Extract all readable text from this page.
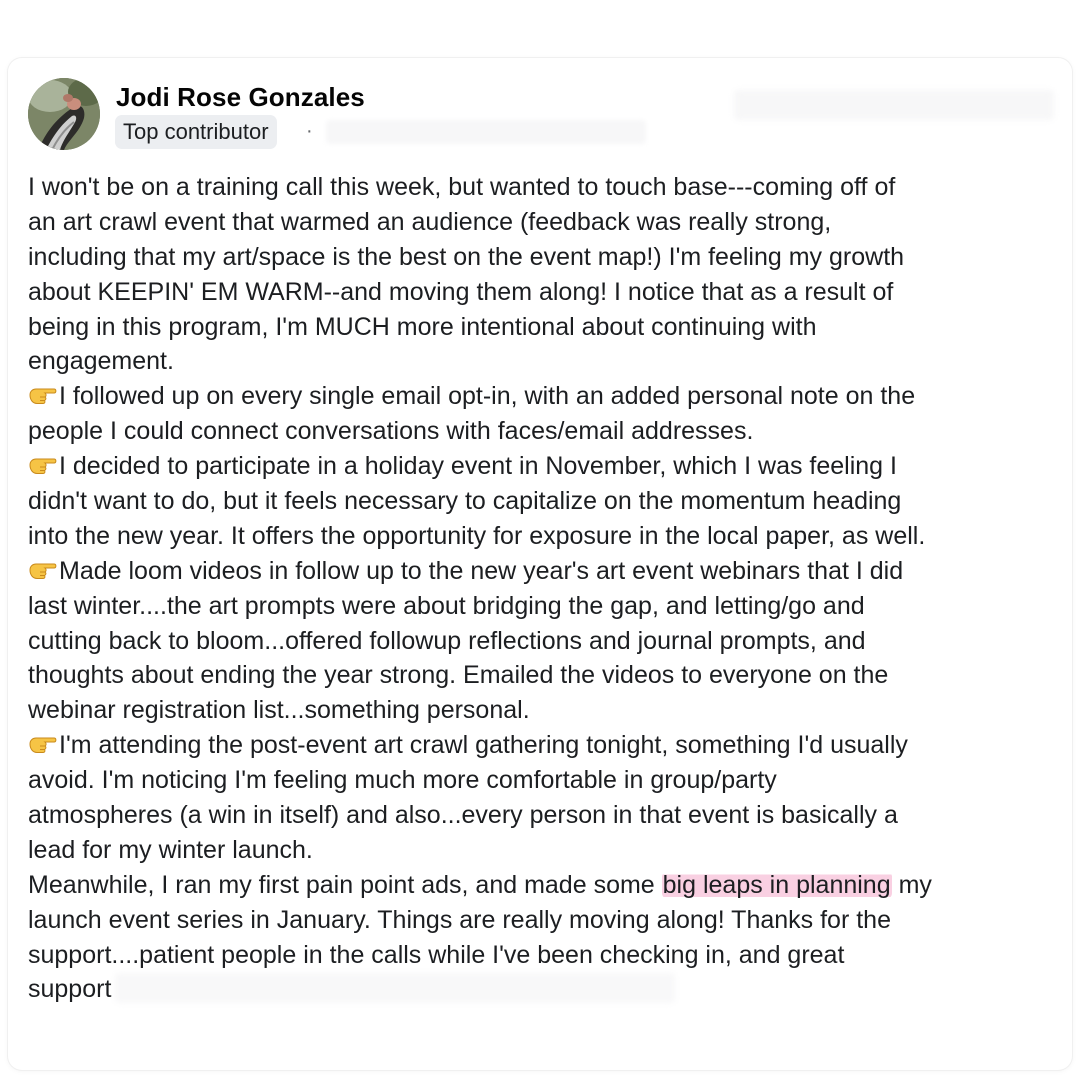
Jodi Rose Gonzales
Top contributor	·
I won't be on a training call this week, but wanted to touch base---coming off of
an art crawl event that warmed an audience (feedback was really strong,
including that my art/space is the best on the event map!) I'm feeling my growth
about KEEPIN' EM WARM--and moving them along! I notice that as a result of
being in this program, I'm MUCH more intentional about continuing with
engagement.
I followed up on every single email opt-in, with an added personal note on the
people I could connect conversations with faces/email addresses.
I decided to participate in a holiday event in November, which I was feeling I
didn't want to do, but it feels necessary to capitalize on the momentum heading
into the new year. It offers the opportunity for exposure in the local paper, as well.
Made loom videos in follow up to the new year's art event webinars that I did
last winter....the art prompts were about bridging the gap, and letting/go and
cutting back to bloom...offered followup reflections and journal prompts, and
thoughts about ending the year strong. Emailed the videos to everyone on the
webinar registration list...something personal.
I'm attending the post-event art crawl gathering tonight, something I'd usually
avoid. I'm noticing I'm feeling much more comfortable in group/party
atmospheres (a win in itself) and also...every person in that event is basically a
lead for my winter launch.
Meanwhile, I ran my first pain point ads, and made some big leaps in planning my
launch event series in January. Things are really moving along! Thanks for the
support....patient people in the calls while I've been checking in, and great
support
